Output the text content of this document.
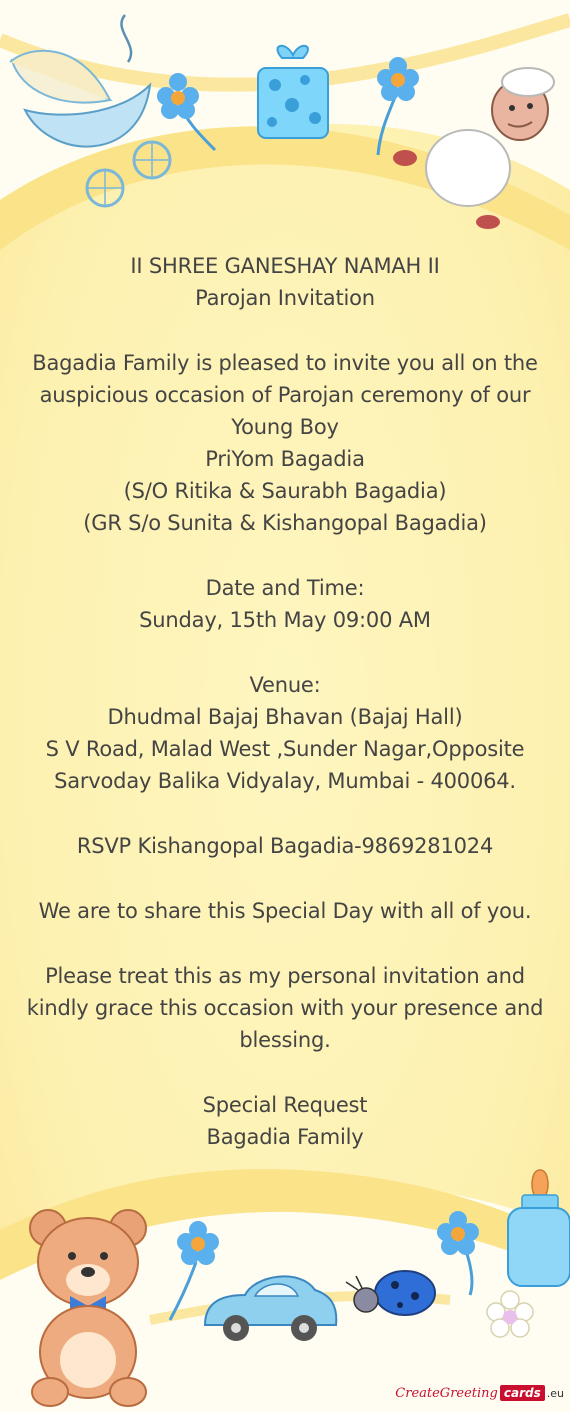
II SHREE GANESHAY NAMAH II
Parojan Invitation
Bagadia Family is pleased to invite you all on the
auspicious occasion of Parojan ceremony of our
Young Boy
PriYom Bagadia
(S/O Ritika & Saurabh Bagadia)
(GR S/o Sunita & Kishangopal Bagadia)
Date and Time:
Sunday, 15th May 09:00 AM
Venue:
Dhudmal Bajaj Bhavan (Bajaj Hall)
S V Road, Malad West ,Sunder Nagar,Opposite
Sarvoday Balika Vidyalay, Mumbai - 400064.
RSVP Kishangopal Bagadia-9869281024
We are to share this Special Day with all of you.
Please treat this as my personal invitation and
kindly grace this occasion with your presence and
blessing.
Special Request
Bagadia Family
CreateGreeting cards .eu
